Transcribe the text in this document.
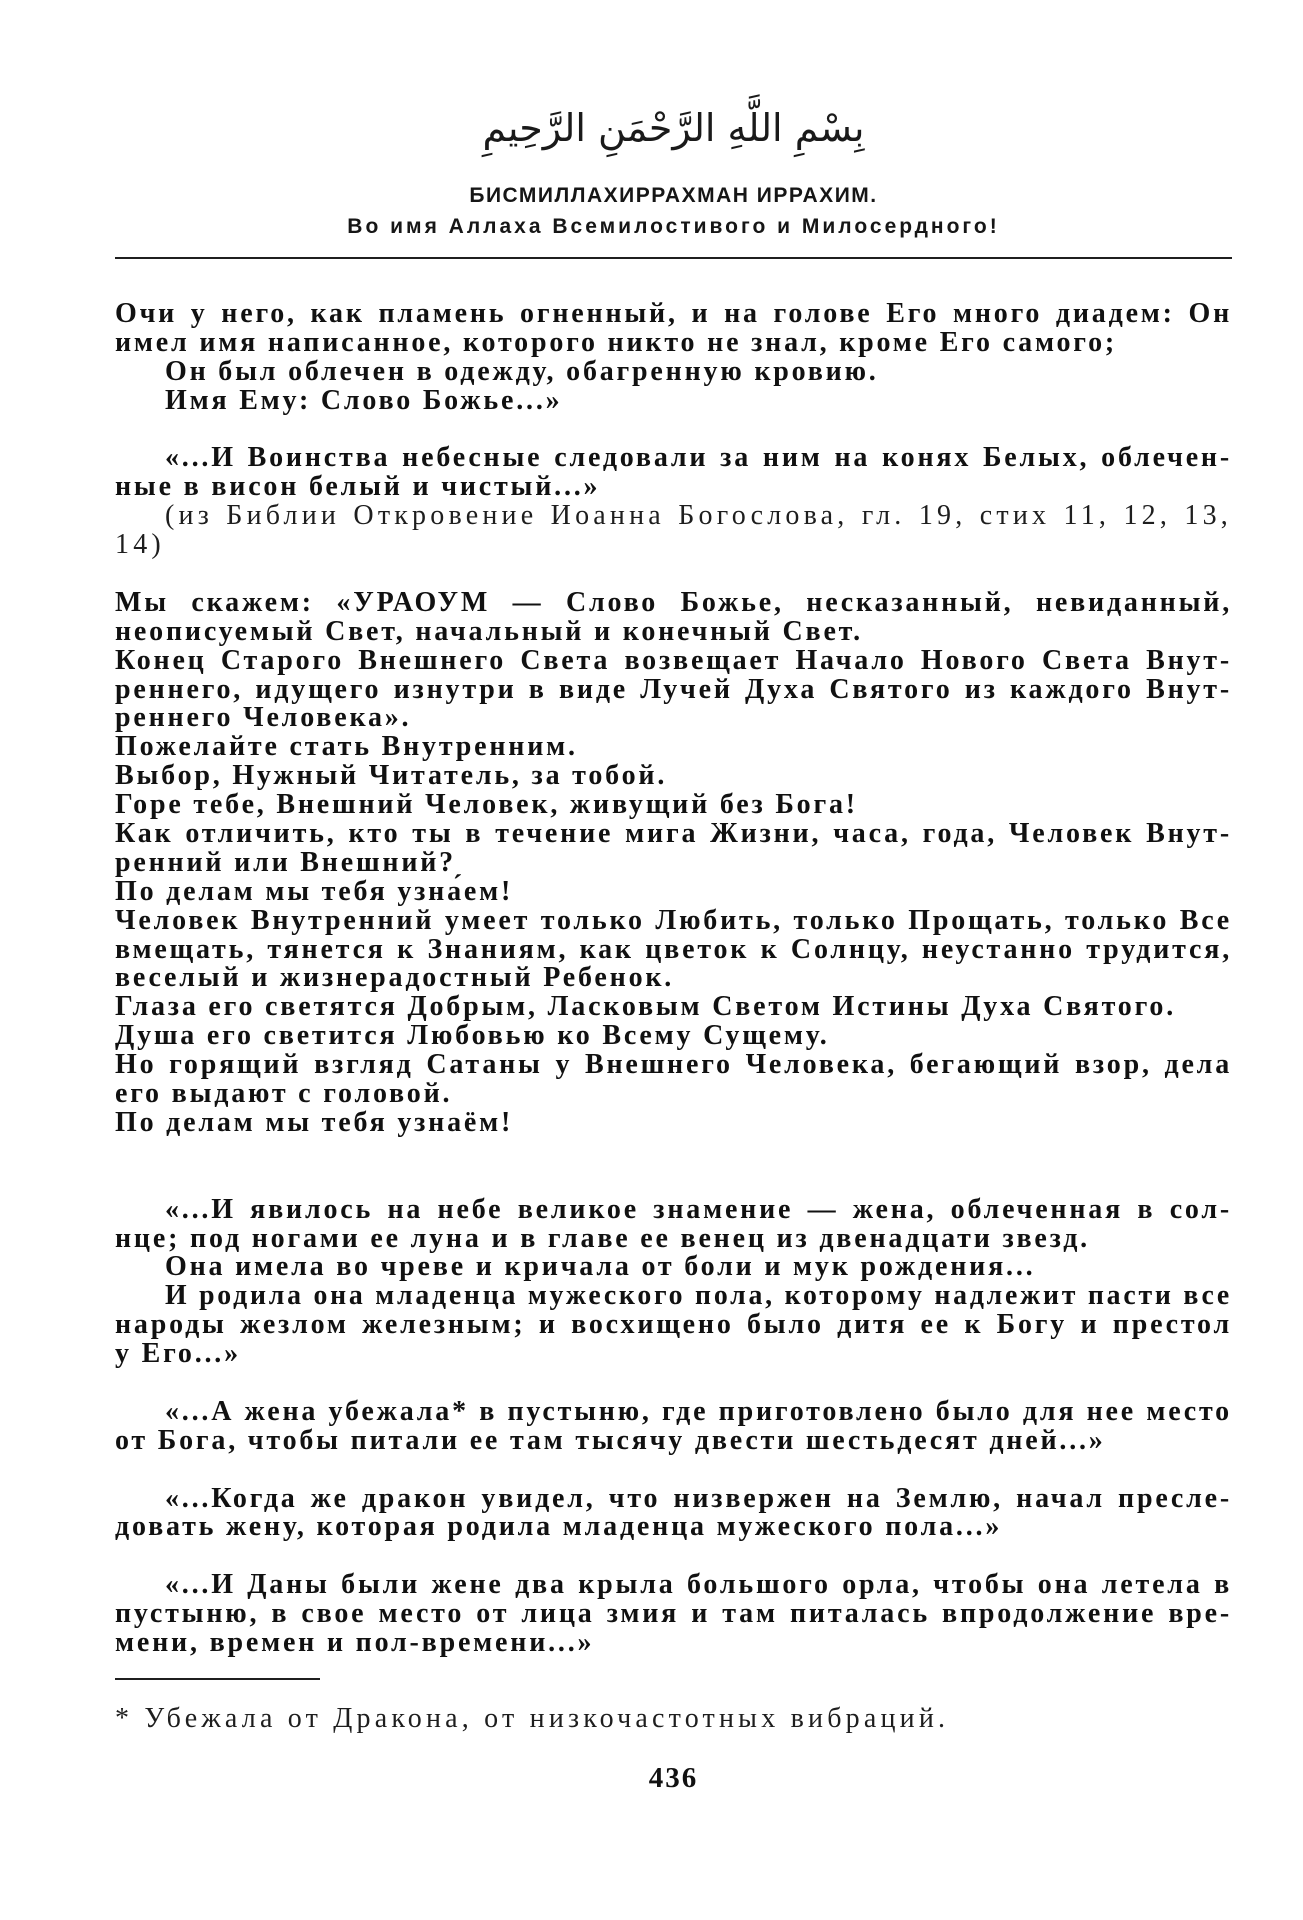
بِسْمِ اللَّهِ الرَّحْمَنِ الرَّحِيمِ
БИСМИЛЛАХИРРАХМАН ИРРАХИМ.
Во имя Аллаха Всемилостивого и Милосердного!
Очи у него, как пламень огненный, и на голове Его много диадем: Он
имел имя написанное, которого никто не знал, кроме Его самого;
Он был облечен в одежду, обагренную кровию.
Имя Ему: Слово Божье...»
«...И Воинства небесные следовали за ним на конях Белых, облечен-
ные в висон белый и чистый...»
(из Библии Откровение Иоанна Богослова, гл. 19, стих 11, 12, 13,
14)
Мы скажем: «УРАОУМ — Слово Божье, несказанный, невиданный,
неописуемый Свет, начальный и конечный Свет.
Конец Старого Внешнего Света возвещает Начало Нового Света Внут-
реннего, идущего изнутри в виде Лучей Духа Святого из каждого Внут-
реннего Человека».
Пожелайте стать Внутренним.
Выбор, Нужный Читатель, за тобой.
Горе тебе, Внешний Человек, живущий без Бога!
Как отличить, кто ты в течение мига Жизни, часа, года, Человек Внут-
ренний или Внешний?
По делам мы тебя узна́ем!
Человек Внутренний умеет только Любить, только Прощать, только Все
вмещать, тянется к Знаниям, как цветок к Солнцу, неустанно трудится,
веселый и жизнерадостный Ребенок.
Глаза его светятся Добрым, Ласковым Светом Истины Духа Святого.
Душа его светится Любовью ко Всему Сущему.
Но горящий взгляд Сатаны у Внешнего Человека, бегающий взор, дела
его выдают с головой.
По делам мы тебя узнаём!
«...И явилось на небе великое знамение — жена, облеченная в сол-
нце; под ногами ее луна и в главе ее венец из двенадцати звезд.
Она имела во чреве и кричала от боли и мук рождения...
И родила она младенца мужеского пола, которому надлежит пасти все
народы жезлом железным; и восхищено было дитя ее к Богу и престол
у Его...»
«...А жена убежала* в пустыню, где приготовлено было для нее место
от Бога, чтобы питали ее там тысячу двести шестьдесят дней...»
«...Когда же дракон увидел, что низвержен на Землю, начал пресле-
довать жену, которая родила младенца мужеского пола...»
«...И Даны были жене два крыла большого орла, чтобы она летела в
пустыню, в свое место от лица змия и там питалась впродолжение вре-
мени, времен и пол-времени...»
* Убежала от Дракона, от низкочастотных вибраций.
436
